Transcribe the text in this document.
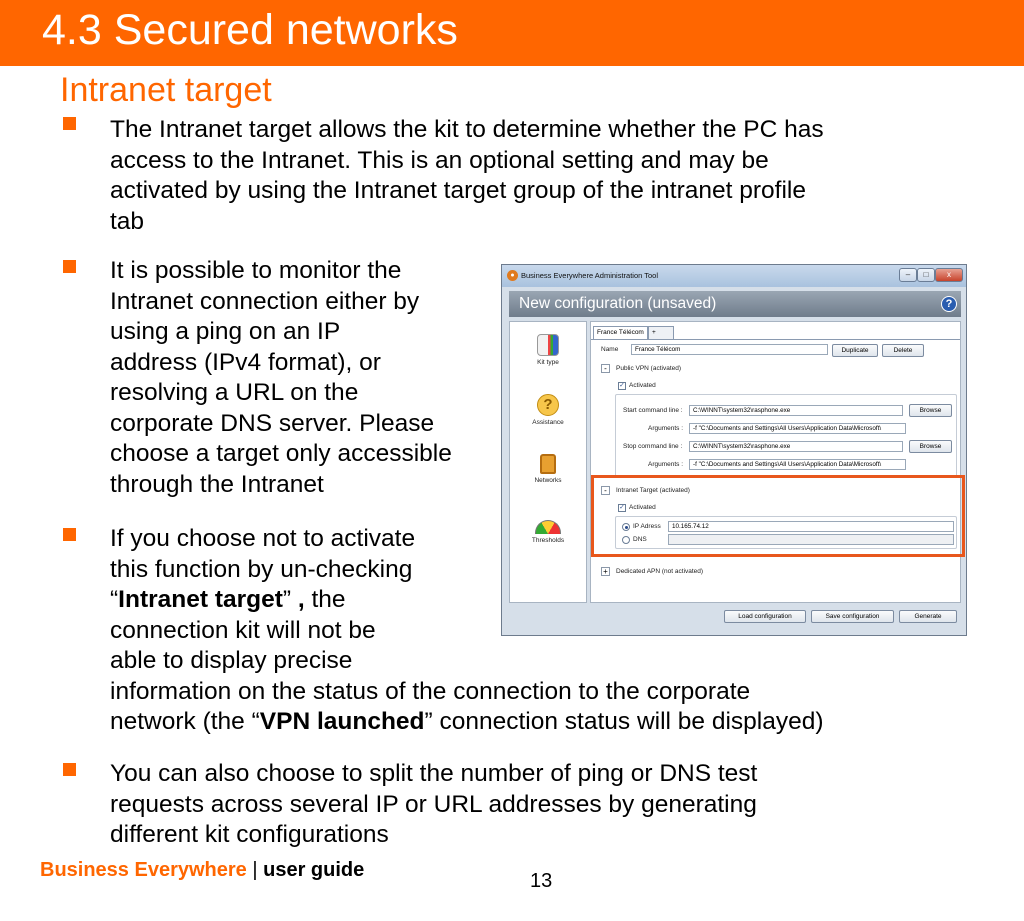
4.3 Secured networks
Intranet target
The Intranet target allows the kit to determine whether the PC has
access to the Intranet. This is an optional setting and may be
activated by using the Intranet target group of the intranet profile
tab
It is possible to monitor the
Intranet connection either by
using a ping on an IP
address (IPv4 format), or
resolving a URL on the
corporate DNS server. Please
choose a target only accessible
through the Intranet
If you choose not to activate
this function by un-checking
“Intranet target” , the
connection kit will not be
able to display precise
information on the status of the connection to the corporate
network (the “VPN launched” connection status will be displayed)
You can also choose to split the number of ping or DNS test
requests across several IP or URL addresses by generating
different kit configurations
● Business Everywhere Administration Tool	–	□	x
New configuration (unsaved)	?
Kit type
?
Assistance
Networks
Thresholds
France Télécom	+
Name	France Télécom	Duplicate	Delete
-	Public VPN (activated)
✓ Activated
Start command line :	C:\WINNT\system32\rasphone.exe	Browse
Arguments :	-f "C:\Documents and Settings\All Users\Application Data\Microsoft\
Stop command line :	C:\WINNT\system32\rasphone.exe	Browse
Arguments :	-f "C:\Documents and Settings\All Users\Application Data\Microsoft\
-	Intranet Target (activated)
✓ Activated
IP Adress	10.165.74.12
DNS
+	Dedicated APN (not activated)
Load configuration	Save configuration	Generate
Business Everywhere | user guide	13
